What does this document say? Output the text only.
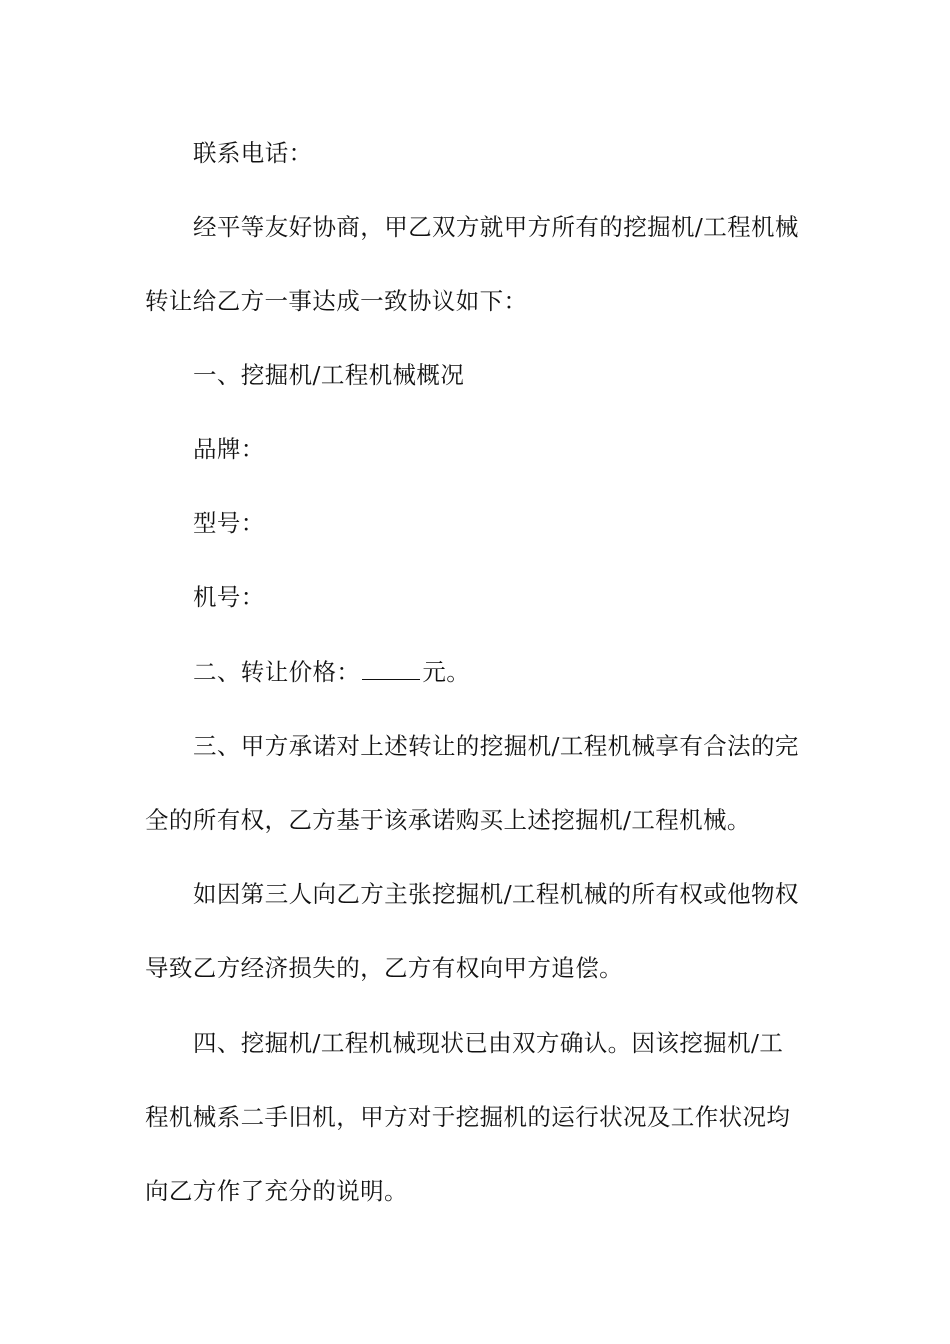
联系电话：

经平等友好协商，甲乙双方就甲方所有的挖掘机/工程机械

转让给乙方一事达成一致协议如下：

一、挖掘机/工程机械概况

品牌：

型号：

机号：

二、转让价格：	元。

三、甲方承诺对上述转让的挖掘机/工程机械享有合法的完

全的所有权，乙方基于该承诺购买上述挖掘机/工程机械。

如因第三人向乙方主张挖掘机/工程机械的所有权或他物权

导致乙方经济损失的，乙方有权向甲方追偿。

四、挖掘机/工程机械现状已由双方确认。因该挖掘机/工

程机械系二手旧机，甲方对于挖掘机的运行状况及工作状况均

向乙方作了充分的说明。
